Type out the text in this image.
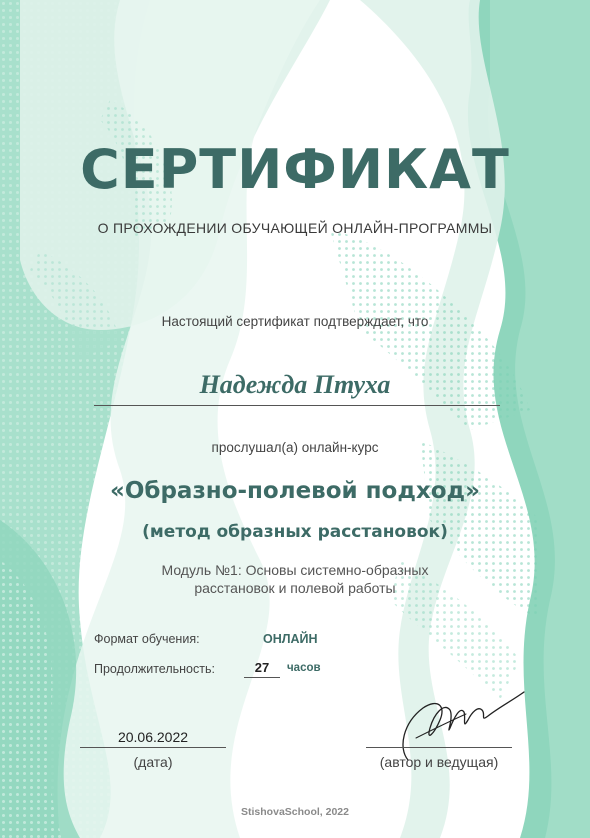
СЕРТИФИКАТ
О ПРОХОЖДЕНИИ ОБУЧАЮЩЕЙ ОНЛАЙН-ПРОГРАММЫ
Настоящий сертификат подтверждает, что
Надежда Птуха
прослушал(а) онлайн-курс
«Образно-полевой подход»
(метод образных расстановок)
Модуль №1: Основы системно-образных
расстановок и полевой работы
Формат обучения:	ОНЛАЙН
Продолжительность:	27	часов
20.06.2022
(дата)	(автор и ведущая)
StishovaSchool, 2022
